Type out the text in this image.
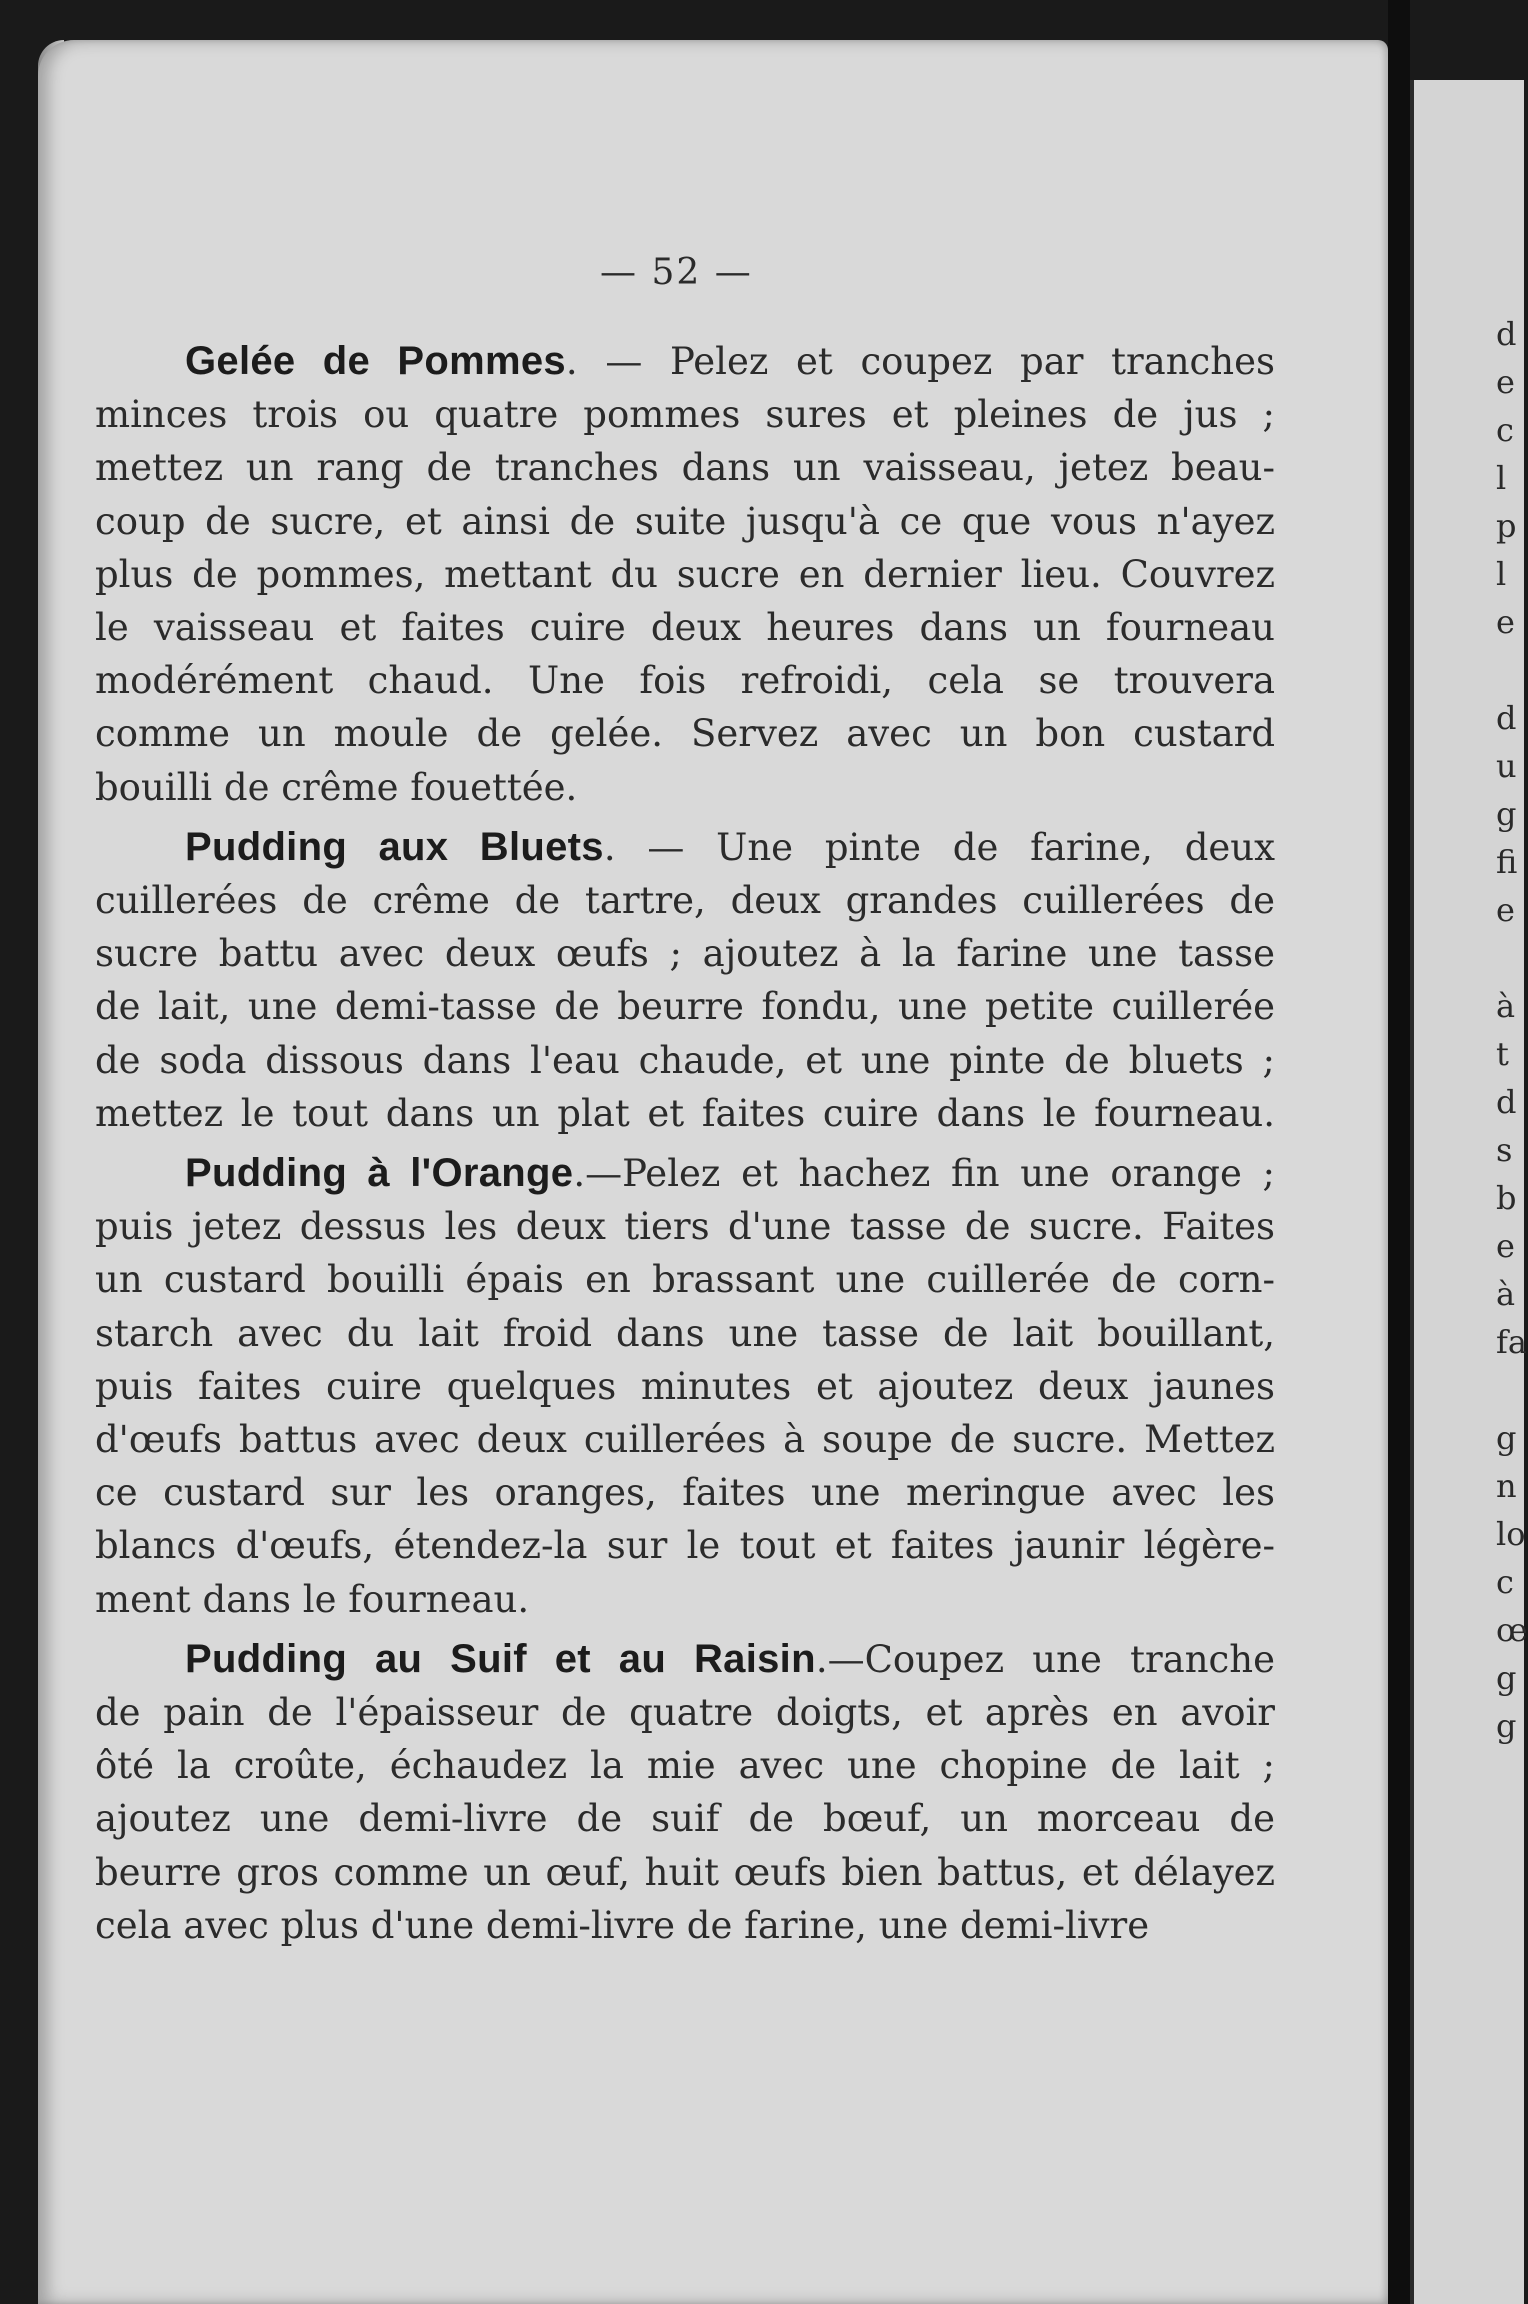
d
e
c
l
p
l
e
d
u
g
fi
e
à
t
d
s
b
e
à
fa
g
n
lo
c
œ
g
g
— 52 —

Gelée de Pommes. — Pelez et coupez par tranches
minces trois ou quatre pommes sures et pleines de jus ;
mettez un rang de tranches dans un vaisseau, jetez beau-
coup de sucre, et ainsi de suite jusqu'à ce que vous n'ayez
plus de pommes, mettant du sucre en dernier lieu. Couvrez
le vaisseau et faites cuire deux heures dans un fourneau
modérément chaud. Une fois refroidi, cela se trouvera
comme un moule de gelée. Servez avec un bon custard
bouilli de crême fouettée.

Pudding aux Bluets. — Une pinte de farine, deux
cuillerées de crême de tartre, deux grandes cuillerées de
sucre battu avec deux œufs ; ajoutez à la farine une tasse
de lait, une demi-tasse de beurre fondu, une petite cuillerée
de soda dissous dans l'eau chaude, et une pinte de bluets ;
mettez le tout dans un plat et faites cuire dans le fourneau.

Pudding à l'Orange.—Pelez et hachez fin une orange ;
puis jetez dessus les deux tiers d'une tasse de sucre. Faites
un custard bouilli épais en brassant une cuillerée de corn-
starch avec du lait froid dans une tasse de lait bouillant,
puis faites cuire quelques minutes et ajoutez deux jaunes
d'œufs battus avec deux cuillerées à soupe de sucre. Mettez
ce custard sur les oranges, faites une meringue avec les
blancs d'œufs, étendez-la sur le tout et faites jaunir légère-
ment dans le fourneau.

Pudding au Suif et au Raisin.—Coupez une tranche
de pain de l'épaisseur de quatre doigts, et après en avoir
ôté la croûte, échaudez la mie avec une chopine de lait ;
ajoutez une demi-livre de suif de bœuf, un morceau de
beurre gros comme un œuf, huit œufs bien battus, et délayez
cela avec plus d'une demi-livre de farine, une demi-livre
